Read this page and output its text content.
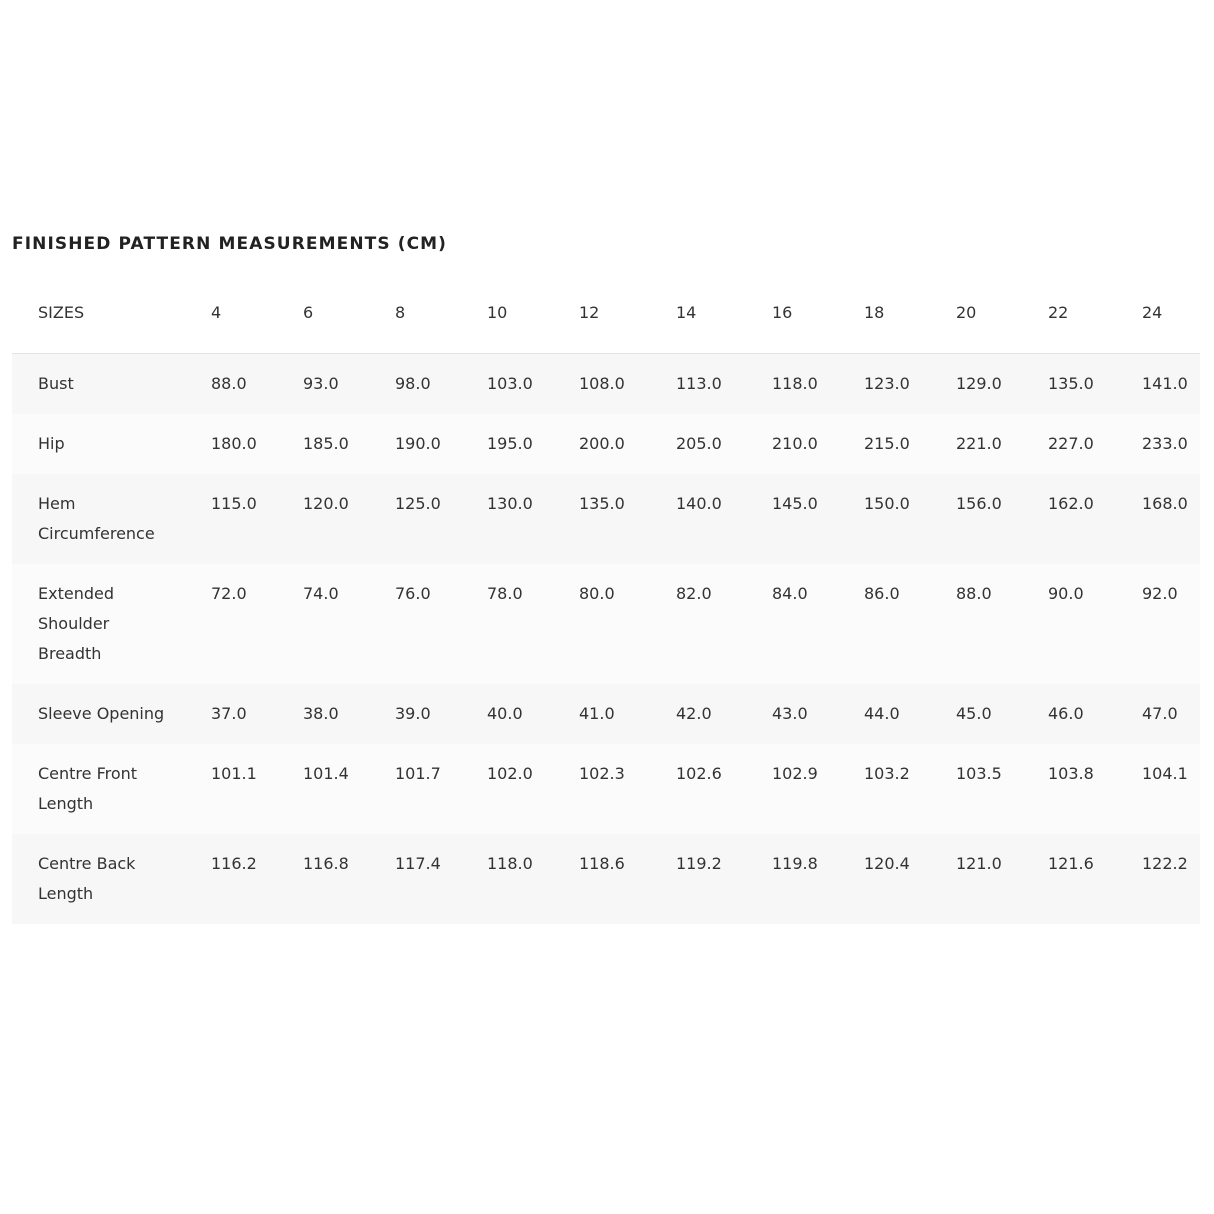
FINISHED PATTERN MEASUREMENTS (CM)
SIZES	4	6	8	10	12	14	16	18	20	22	24
Bust	88.0	93.0	98.0	103.0	108.0	113.0	118.0	123.0	129.0	135.0	141.0
Hip	180.0	185.0	190.0	195.0	200.0	205.0	210.0	215.0	221.0	227.0	233.0
Hem Circumference	115.0	120.0	125.0	130.0	135.0	140.0	145.0	150.0	156.0	162.0	168.0
Extended Shoulder Breadth	72.0	74.0	76.0	78.0	80.0	82.0	84.0	86.0	88.0	90.0	92.0
Sleeve Opening	37.0	38.0	39.0	40.0	41.0	42.0	43.0	44.0	45.0	46.0	47.0
Centre Front Length	101.1	101.4	101.7	102.0	102.3	102.6	102.9	103.2	103.5	103.8	104.1
Centre Back Length	116.2	116.8	117.4	118.0	118.6	119.2	119.8	120.4	121.0	121.6	122.2
